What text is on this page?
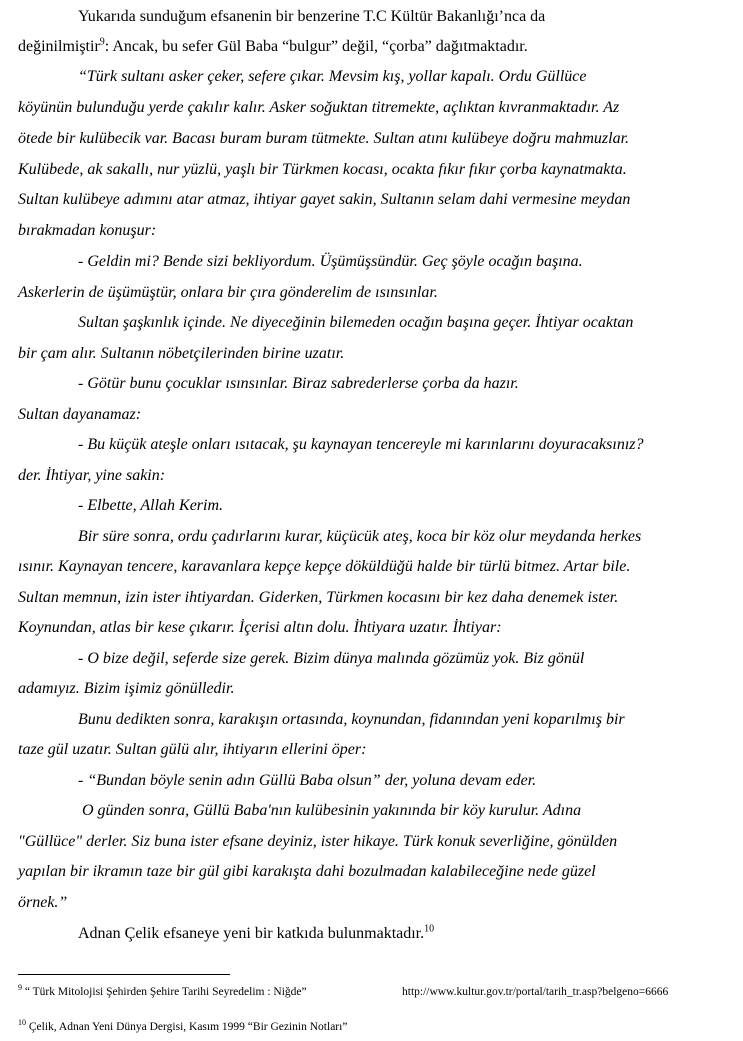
Yukarıda sunduğum efsanenin bir benzerine T.C Kültür Bakanlığı’nca da
değinilmiştir$^9$: Ancak, bu sefer Gül Baba “bulgur” değil, “çorba” dağıtmaktadır.
“Türk sultanı asker çeker, sefere çıkar. Mevsim kış, yollar kapalı. Ordu Güllüce
köyünün bulunduğu yerde çakılır kalır. Asker soğuktan titremekte, açlıktan kıvranmaktadır. Az
ötede bir kulübecik var. Bacası buram buram tütmekte. Sultan atını kulübeye doğru mahmuzlar.
Kulübede, ak sakallı, nur yüzlü, yaşlı bir Türkmen kocası, ocakta fıkır fıkır çorba kaynatmakta.
Sultan kulübeye adımını atar atmaz, ihtiyar gayet sakin, Sultanın selam dahi vermesine meydan
bırakmadan konuşur:
- Geldin mi? Bende sizi bekliyordum. Üşümüşsündür. Geç şöyle ocağın başına.
Askerlerin de üşümüştür, onlara bir çıra gönderelim de ısınsınlar.
Sultan şaşkınlık içinde. Ne diyeceğinin bilemeden ocağın başına geçer. İhtiyar ocaktan
bir çam alır. Sultanın nöbetçilerinden birine uzatır.
- Götür bunu çocuklar ısınsınlar. Biraz sabrederlerse çorba da hazır.
Sultan dayanamaz:
- Bu küçük ateşle onları ısıtacak, şu kaynayan tencereyle mi karınlarını doyuracaksınız?
der. İhtiyar, yine sakin:
- Elbette, Allah Kerim.
Bir süre sonra, ordu çadırlarını kurar, küçücük ateş, koca bir köz olur meydanda herkes
ısınır. Kaynayan tencere, karavanlara kepçe kepçe döküldüğü halde bir türlü bitmez. Artar bile.
Sultan memnun, izin ister ihtiyardan. Giderken, Türkmen kocasını bir kez daha denemek ister.
Koynundan, atlas bir kese çıkarır. İçerisi altın dolu. İhtiyara uzatır. İhtiyar:
- O bize değil, seferde size gerek. Bizim dünya malında gözümüz yok. Biz gönül
adamıyız. Bizim işimiz gönülledir.
Bunu dedikten sonra, karakışın ortasında, koynundan, fidanından yeni koparılmış bir
taze gül uzatır. Sultan gülü alır, ihtiyarın ellerini öper:
- “Bundan böyle senin adın Güllü Baba olsun” der, yoluna devam eder.
O günden sonra, Güllü Baba'nın kulübesinin yakınında bir köy kurulur. Adına
"Güllüce" derler. Siz buna ister efsane deyiniz, ister hikaye. Türk konuk severliğine, gönülden
yapılan bir ikramın taze bir gül gibi karakışta dahi bozulmadan kalabileceğine nede güzel
örnek.”
Adnan Çelik efsaneye yeni bir katkıda bulunmaktadır.$^{10}$
$^9$ “ Türk Mitolojisi Şehirden Şehire Tarihi Seyredelim : Niğde”	http://www.kultur.gov.tr/portal/tarih_tr.asp?belgeno=6666
$^{10}$ Çelik, Adnan Yeni Dünya Dergisi, Kasım 1999 “Bir Gezinin Notları”
